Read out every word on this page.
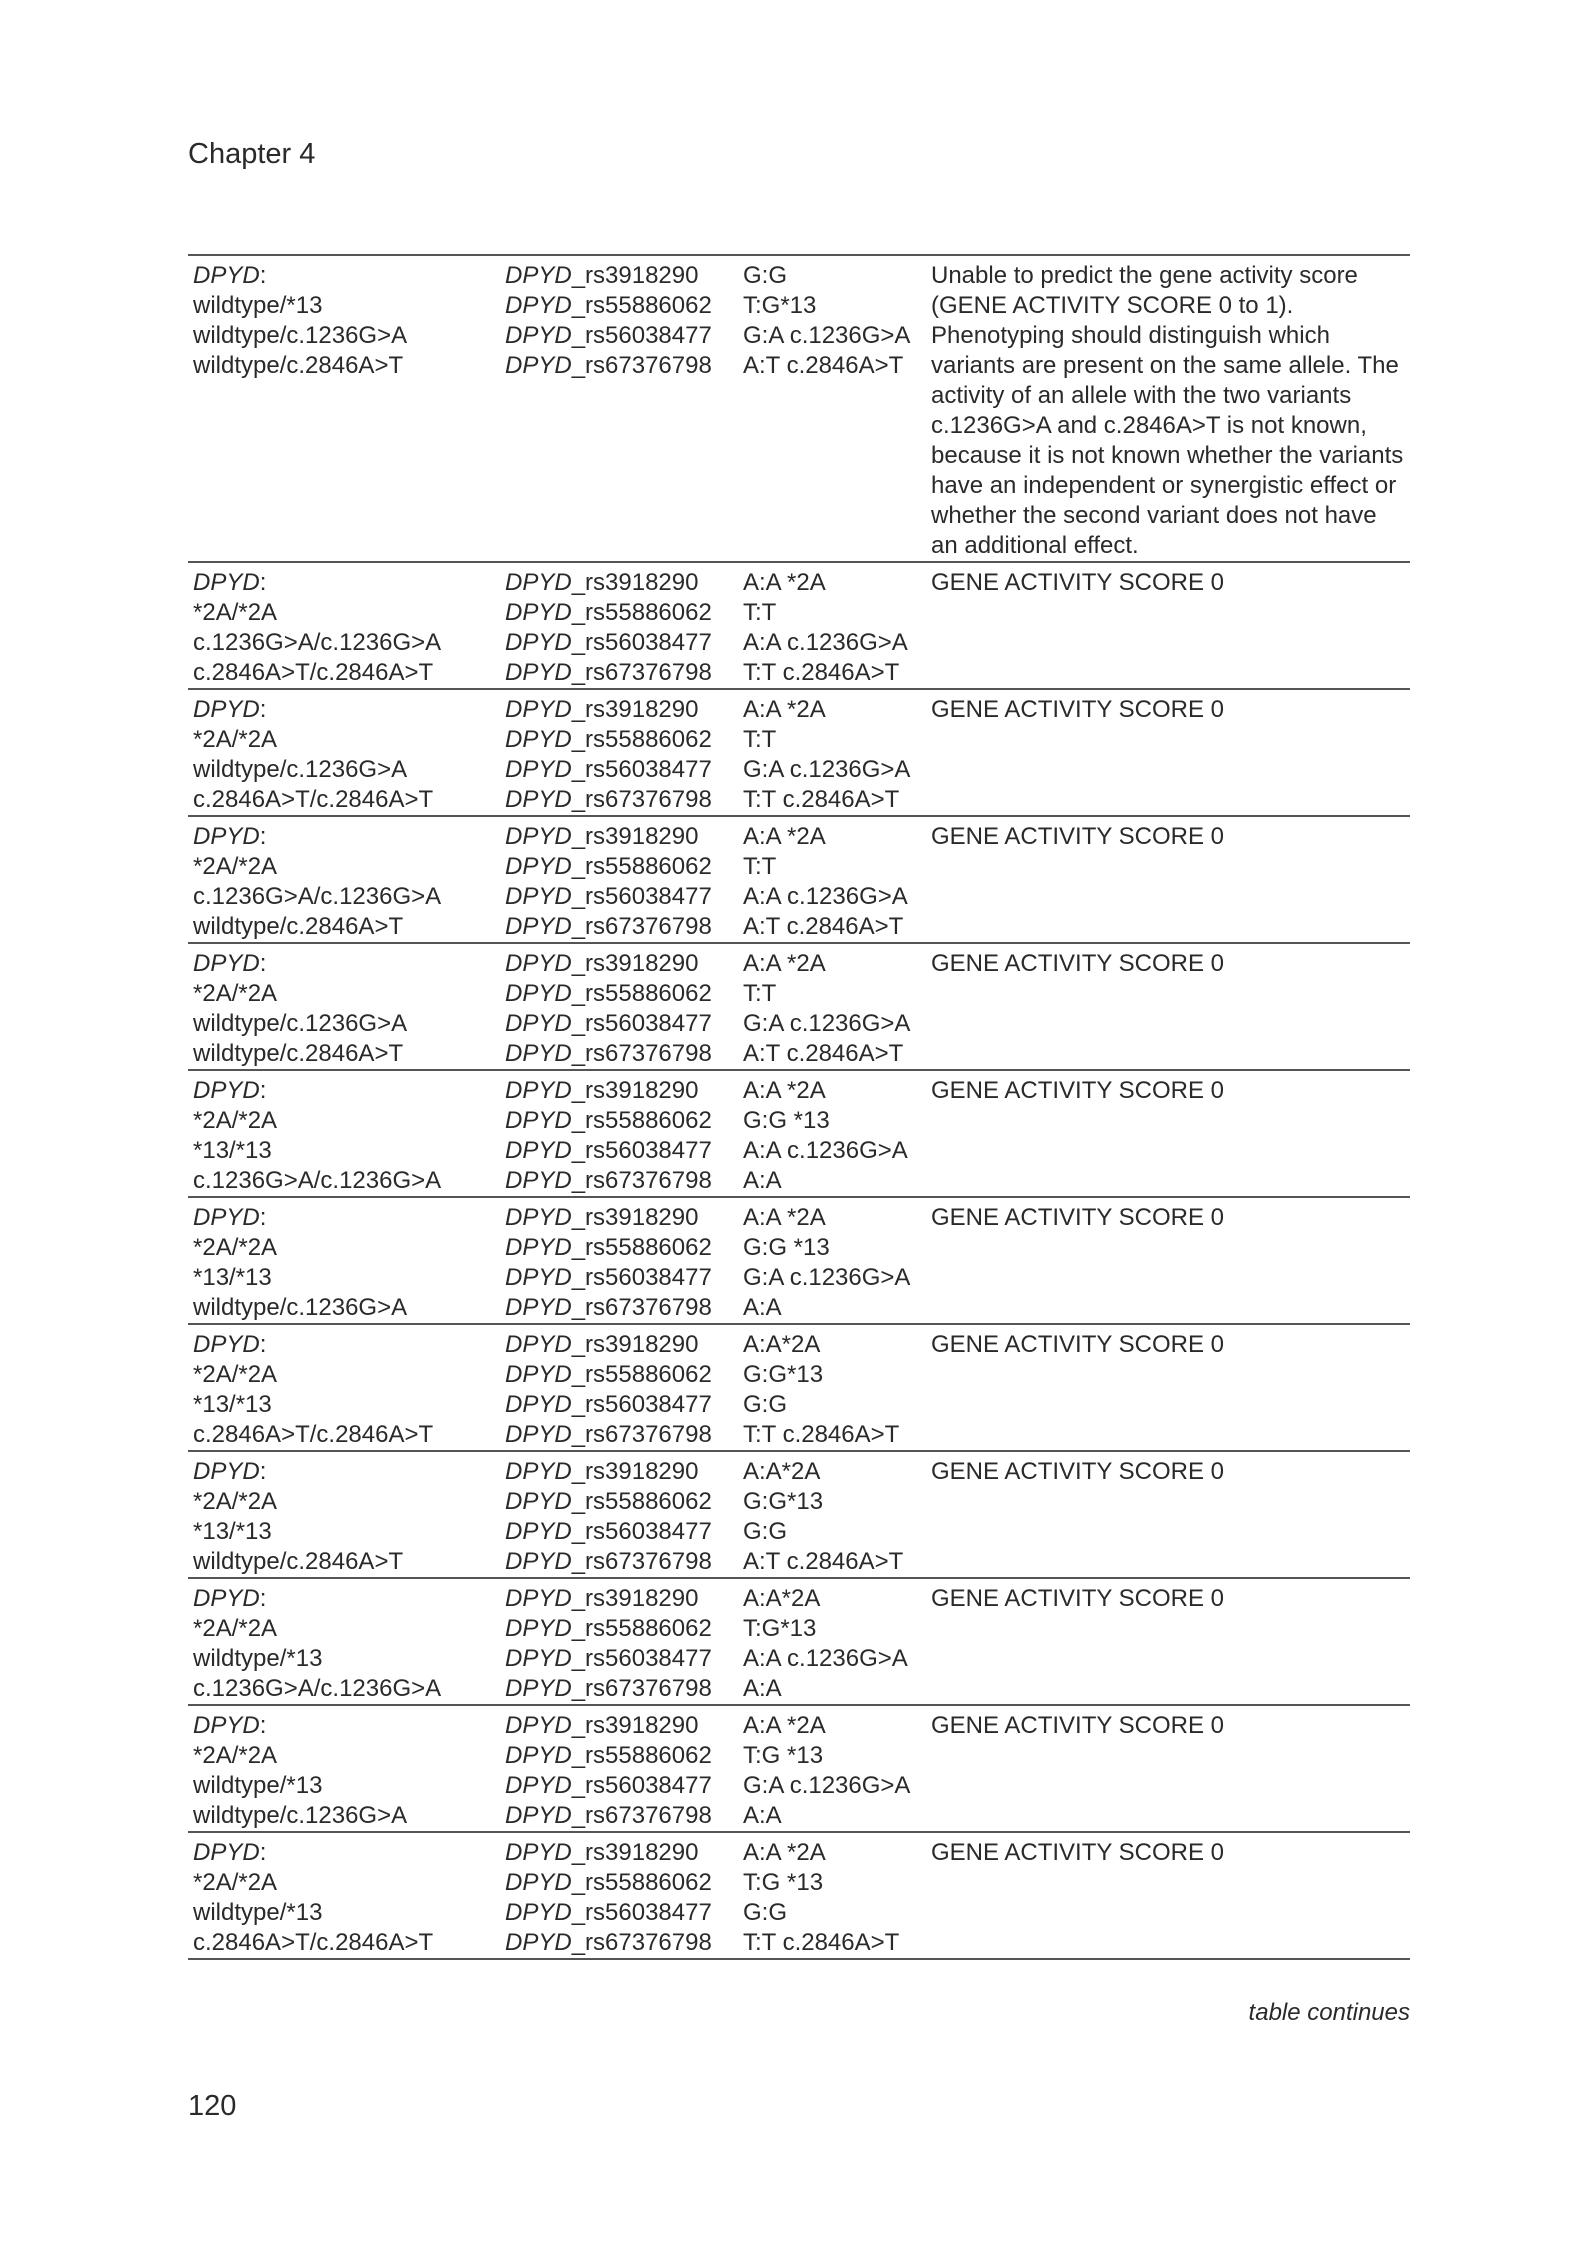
Chapter 4
DPYD:
wildtype/*13
wildtype/c.1236G>A
wildtype/c.2846A>T
DPYD_rs3918290
DPYD_rs55886062
DPYD_rs56038477
DPYD_rs67376798
G:G
T:G*13
G:A c.1236G>A
A:T c.2846A>T
Unable to predict the gene activity score (GENE ACTIVITY SCORE 0 to 1). Phenotyping should distinguish which variants are present on the same allele. The activity of an allele with the two variants c.1236G>A and c.2846A>T is not known, because it is not known whether the variants have an independent or synergistic effect or whether the second variant does not have an additional effect.
DPYD:
*2A/*2A
c.1236G>A/c.1236G>A
c.2846A>T/c.2846A>T
DPYD_rs3918290
DPYD_rs55886062
DPYD_rs56038477
DPYD_rs67376798
A:A *2A
T:T
A:A c.1236G>A
T:T c.2846A>T
GENE ACTIVITY SCORE 0
DPYD:
*2A/*2A
wildtype/c.1236G>A
c.2846A>T/c.2846A>T
DPYD_rs3918290
DPYD_rs55886062
DPYD_rs56038477
DPYD_rs67376798
A:A *2A
T:T
G:A c.1236G>A
T:T c.2846A>T
GENE ACTIVITY SCORE 0
DPYD:
*2A/*2A
c.1236G>A/c.1236G>A
wildtype/c.2846A>T
DPYD_rs3918290
DPYD_rs55886062
DPYD_rs56038477
DPYD_rs67376798
A:A *2A
T:T
A:A c.1236G>A
A:T c.2846A>T
GENE ACTIVITY SCORE 0
DPYD:
*2A/*2A
wildtype/c.1236G>A
wildtype/c.2846A>T
DPYD_rs3918290
DPYD_rs55886062
DPYD_rs56038477
DPYD_rs67376798
A:A *2A
T:T
G:A c.1236G>A
A:T c.2846A>T
GENE ACTIVITY SCORE 0
DPYD:
*2A/*2A
*13/*13
c.1236G>A/c.1236G>A
DPYD_rs3918290
DPYD_rs55886062
DPYD_rs56038477
DPYD_rs67376798
A:A *2A
G:G *13
A:A c.1236G>A
A:A
GENE ACTIVITY SCORE 0
DPYD:
*2A/*2A
*13/*13
wildtype/c.1236G>A
DPYD_rs3918290
DPYD_rs55886062
DPYD_rs56038477
DPYD_rs67376798
A:A *2A
G:G *13
G:A c.1236G>A
A:A
GENE ACTIVITY SCORE 0
DPYD:
*2A/*2A
*13/*13
c.2846A>T/c.2846A>T
DPYD_rs3918290
DPYD_rs55886062
DPYD_rs56038477
DPYD_rs67376798
A:A*2A
G:G*13
G:G
T:T c.2846A>T
GENE ACTIVITY SCORE 0
DPYD:
*2A/*2A
*13/*13
wildtype/c.2846A>T
DPYD_rs3918290
DPYD_rs55886062
DPYD_rs56038477
DPYD_rs67376798
A:A*2A
G:G*13
G:G
A:T c.2846A>T
GENE ACTIVITY SCORE 0
DPYD:
*2A/*2A
wildtype/*13
c.1236G>A/c.1236G>A
DPYD_rs3918290
DPYD_rs55886062
DPYD_rs56038477
DPYD_rs67376798
A:A*2A
T:G*13
A:A c.1236G>A
A:A
GENE ACTIVITY SCORE 0
DPYD:
*2A/*2A
wildtype/*13
wildtype/c.1236G>A
DPYD_rs3918290
DPYD_rs55886062
DPYD_rs56038477
DPYD_rs67376798
A:A *2A
T:G *13
G:A c.1236G>A
A:A
GENE ACTIVITY SCORE 0
DPYD:
*2A/*2A
wildtype/*13
c.2846A>T/c.2846A>T
DPYD_rs3918290
DPYD_rs55886062
DPYD_rs56038477
DPYD_rs67376798
A:A *2A
T:G *13
G:G
T:T c.2846A>T
GENE ACTIVITY SCORE 0
table continues
120
